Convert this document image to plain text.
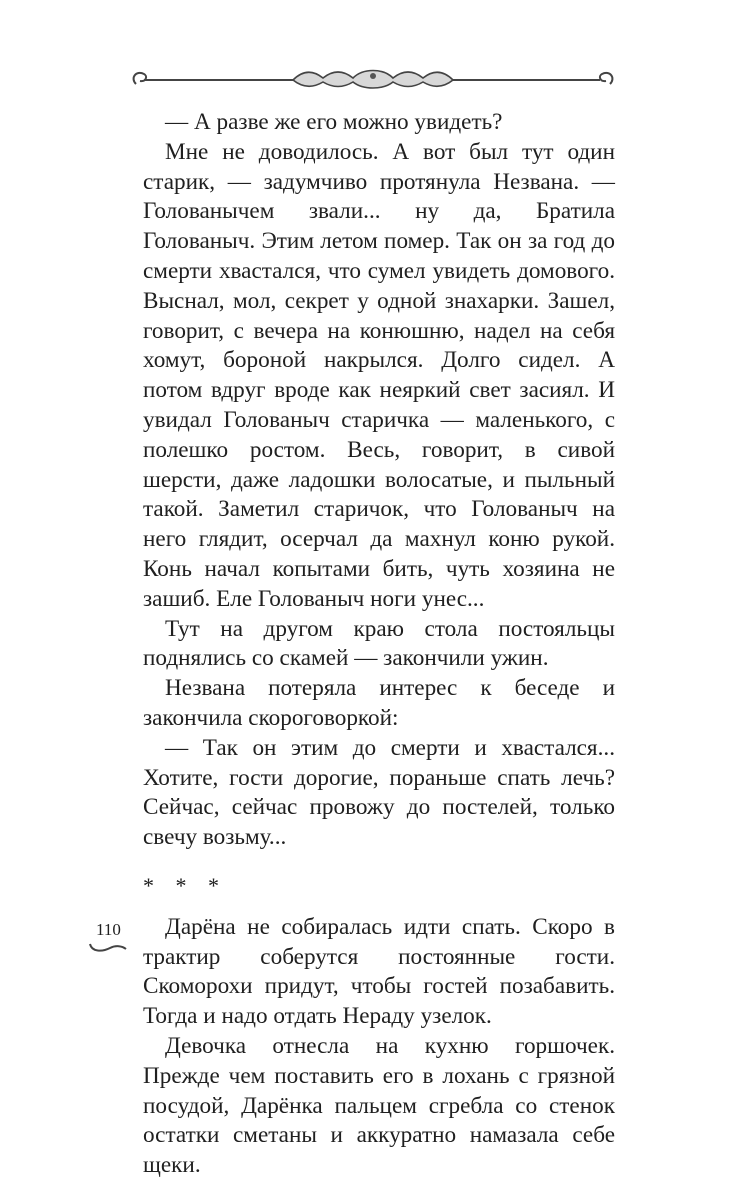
— А разве же его можно увидеть?

Мне не доводилось. А вот был тут один старик, — задумчиво протянула Незвана. — Голованычем звали... ну да, Братила Голованыч. Этим летом помер. Так он за год до смерти хвастался, что сумел увидеть домового. Выснал, мол, секрет у одной знахарки. Зашел, говорит, с вечера на конюшню, надел на себя хомут, бороной накрылся. Долго сидел. А потом вдруг вроде как неяркий свет засиял. И увидал Голованыч старичка — маленького, с полешко ростом. Весь, говорит, в сивой шерсти, даже ладошки волосатые, и пыльный такой. Заметил старичок, что Голованыч на него глядит, осерчал да махнул коню рукой. Конь начал копытами бить, чуть хозяина не зашиб. Еле Голованыч ноги унес...

Тут на другом краю стола постояльцы поднялись со скамей — закончили ужин.

Незвана потеряла интерес к беседе и закончила скороговоркой:

— Так он этим до смерти и хвастался... Хотите, гости дорогие, пораньше спать лечь? Сейчас, сейчас провожу до постелей, только свечу возьму...

* * *

Дарёна не собиралась идти спать. Скоро в трактир соберутся постоянные гости. Скоморохи придут, чтобы гостей позабавить. Тогда и надо отдать Нераду узелок.

Девочка отнесла на кухню горшочек. Прежде чем поставить его в лохань с грязной посудой, Дарёнка пальцем сгребла со стенок остатки сметаны и аккуратно намазала себе щеки.

110
